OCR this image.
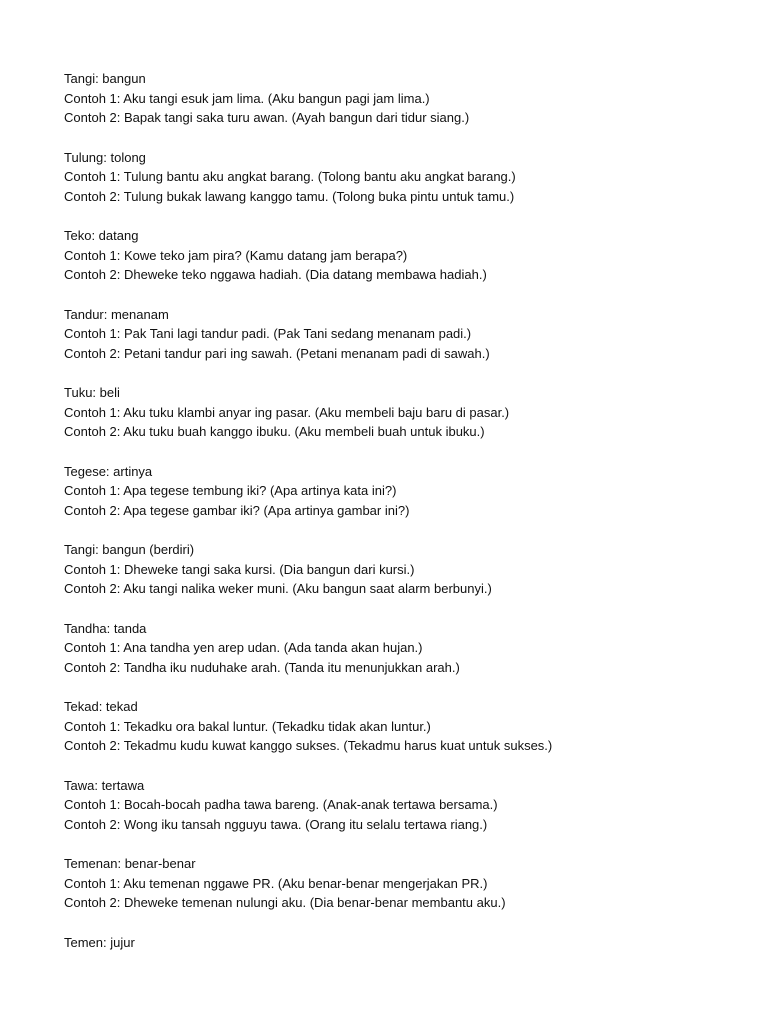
Tangi: bangun
Contoh 1: Aku tangi esuk jam lima. (Aku bangun pagi jam lima.)
Contoh 2: Bapak tangi saka turu awan. (Ayah bangun dari tidur siang.)
Tulung: tolong
Contoh 1: Tulung bantu aku angkat barang. (Tolong bantu aku angkat barang.)
Contoh 2: Tulung bukak lawang kanggo tamu. (Tolong buka pintu untuk tamu.)
Teko: datang
Contoh 1: Kowe teko jam pira? (Kamu datang jam berapa?)
Contoh 2: Dheweke teko nggawa hadiah. (Dia datang membawa hadiah.)
Tandur: menanam
Contoh 1: Pak Tani lagi tandur padi. (Pak Tani sedang menanam padi.)
Contoh 2: Petani tandur pari ing sawah. (Petani menanam padi di sawah.)
Tuku: beli
Contoh 1: Aku tuku klambi anyar ing pasar. (Aku membeli baju baru di pasar.)
Contoh 2: Aku tuku buah kanggo ibuku. (Aku membeli buah untuk ibuku.)
Tegese: artinya
Contoh 1: Apa tegese tembung iki? (Apa artinya kata ini?)
Contoh 2: Apa tegese gambar iki? (Apa artinya gambar ini?)
Tangi: bangun (berdiri)
Contoh 1: Dheweke tangi saka kursi. (Dia bangun dari kursi.)
Contoh 2: Aku tangi nalika weker muni. (Aku bangun saat alarm berbunyi.)
Tandha: tanda
Contoh 1: Ana tandha yen arep udan. (Ada tanda akan hujan.)
Contoh 2: Tandha iku nuduhake arah. (Tanda itu menunjukkan arah.)
Tekad: tekad
Contoh 1: Tekadku ora bakal luntur. (Tekadku tidak akan luntur.)
Contoh 2: Tekadmu kudu kuwat kanggo sukses. (Tekadmu harus kuat untuk sukses.)
Tawa: tertawa
Contoh 1: Bocah-bocah padha tawa bareng. (Anak-anak tertawa bersama.)
Contoh 2: Wong iku tansah ngguyu tawa. (Orang itu selalu tertawa riang.)
Temenan: benar-benar
Contoh 1: Aku temenan nggawe PR. (Aku benar-benar mengerjakan PR.)
Contoh 2: Dheweke temenan nulungi aku. (Dia benar-benar membantu aku.)
Temen: jujur
